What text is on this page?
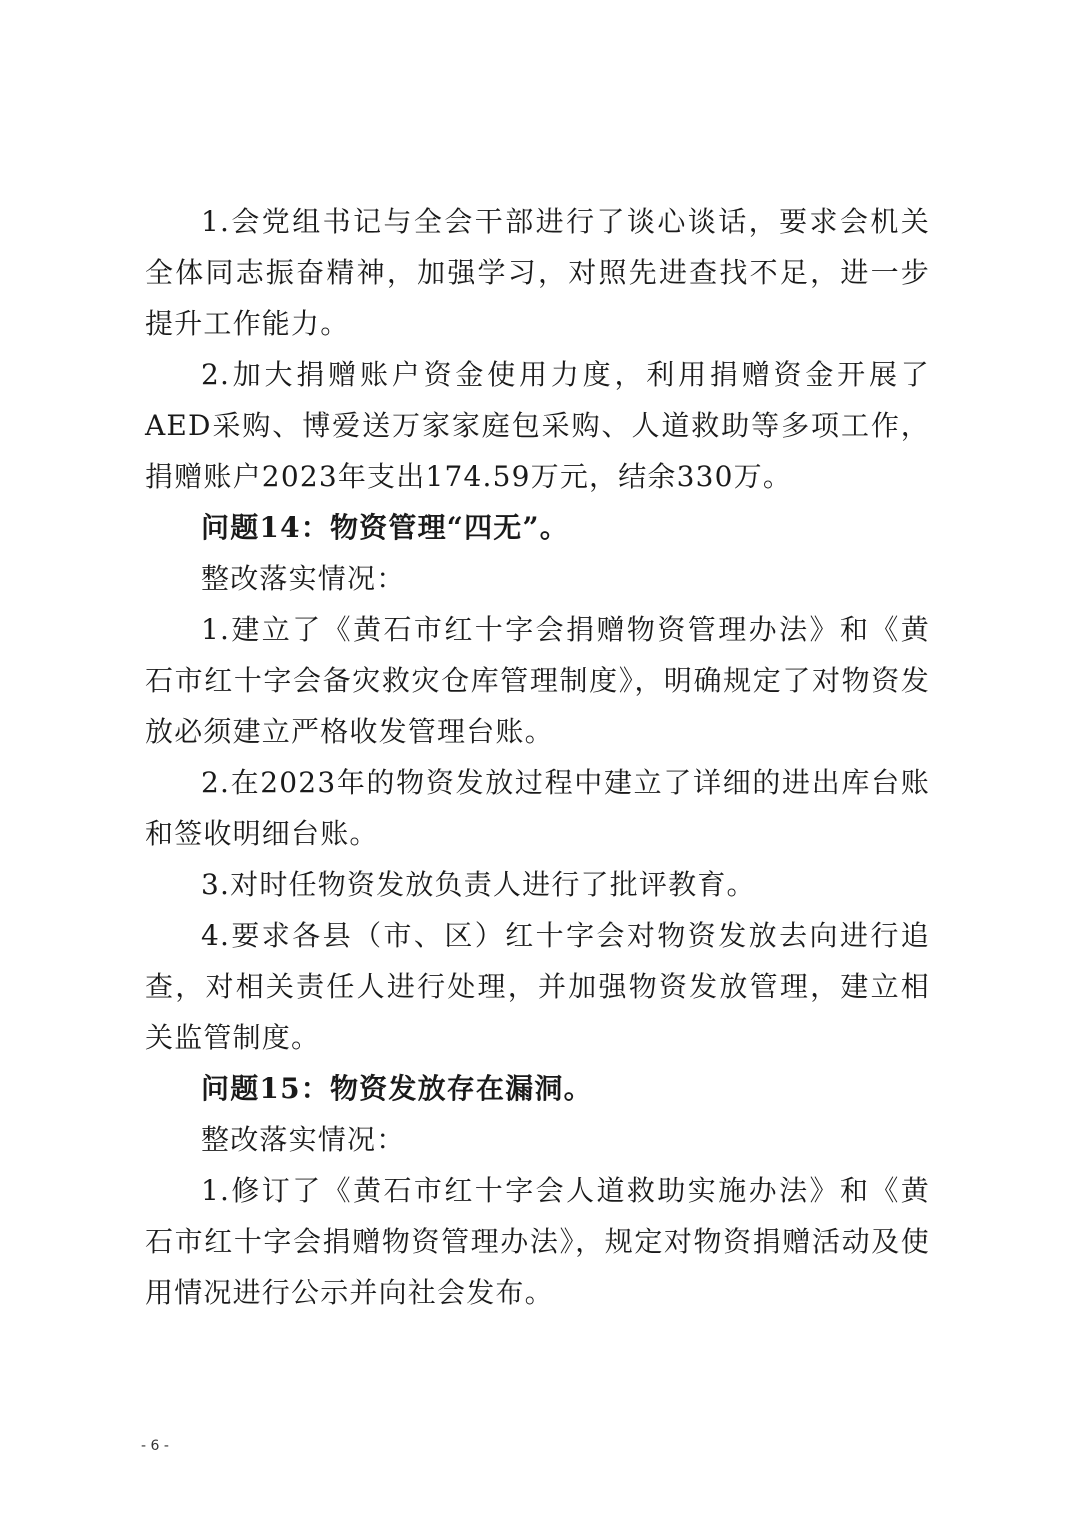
1.会党组书记与全会干部进行了谈心谈话，要求会机关全体同志振奋精神，加强学习，对照先进查找不足，进一步提升工作能力。

2.加大捐赠账户资金使用力度，利用捐赠资金开展了AED采购、博爱送万家家庭包采购、人道救助等多项工作，捐赠账户2023年支出174.59万元，结余330万。

问题14：物资管理“四无”。

整改落实情况：

1.建立了《黄石市红十字会捐赠物资管理办法》和《黄石市红十字会备灾救灾仓库管理制度》，明确规定了对物资发放必须建立严格收发管理台账。

2.在2023年的物资发放过程中建立了详细的进出库台账和签收明细台账。

3.对时任物资发放负责人进行了批评教育。

4.要求各县（市、区）红十字会对物资发放去向进行追查，对相关责任人进行处理，并加强物资发放管理，建立相关监管制度。

问题15：物资发放存在漏洞。

整改落实情况：

1.修订了《黄石市红十字会人道救助实施办法》和《黄石市红十字会捐赠物资管理办法》，规定对物资捐赠活动及使用情况进行公示并向社会发布。

- 6 -
